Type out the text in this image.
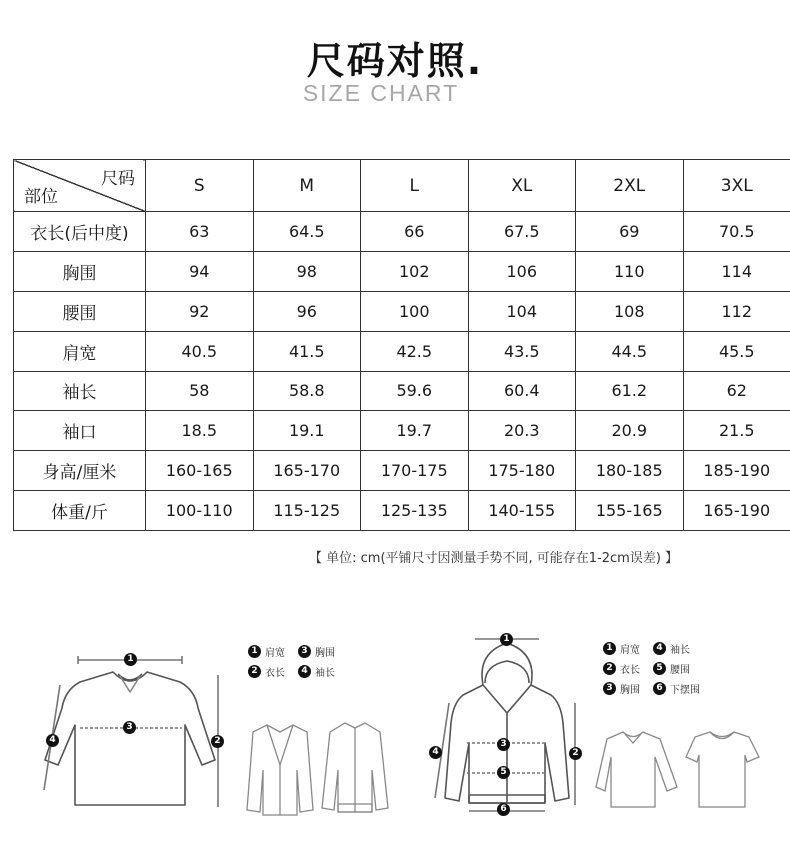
尺码对照.
SIZE CHART
尺码
部位	S	M	L	XL	2XL	3XL
衣长(后中度)	63	64.5	66	67.5	69	70.5
胸围	94	98	102	106	110	114
腰围	92	96	100	104	108	112
肩宽	40.5	41.5	42.5	43.5	44.5	45.5
袖长	58	58.8	59.6	60.4	61.2	62
袖口	18.5	19.1	19.7	20.3	20.9	21.5
身高/厘米	160-165	165-170	170-175	175-180	180-185	185-190
体重/斤	100-110	115-125	125-135	140-155	155-165	165-190
【 单位: cm(平铺尺寸因测量手势不同, 可能存在1-2cm误差) 】
1 肩宽	3 胸围
2 衣长	4 袖长
1 肩宽	4 袖长
2 衣长	5 腰围
3 胸围	6 下摆围
1
2
3
4
1
2
3
4
5
6
